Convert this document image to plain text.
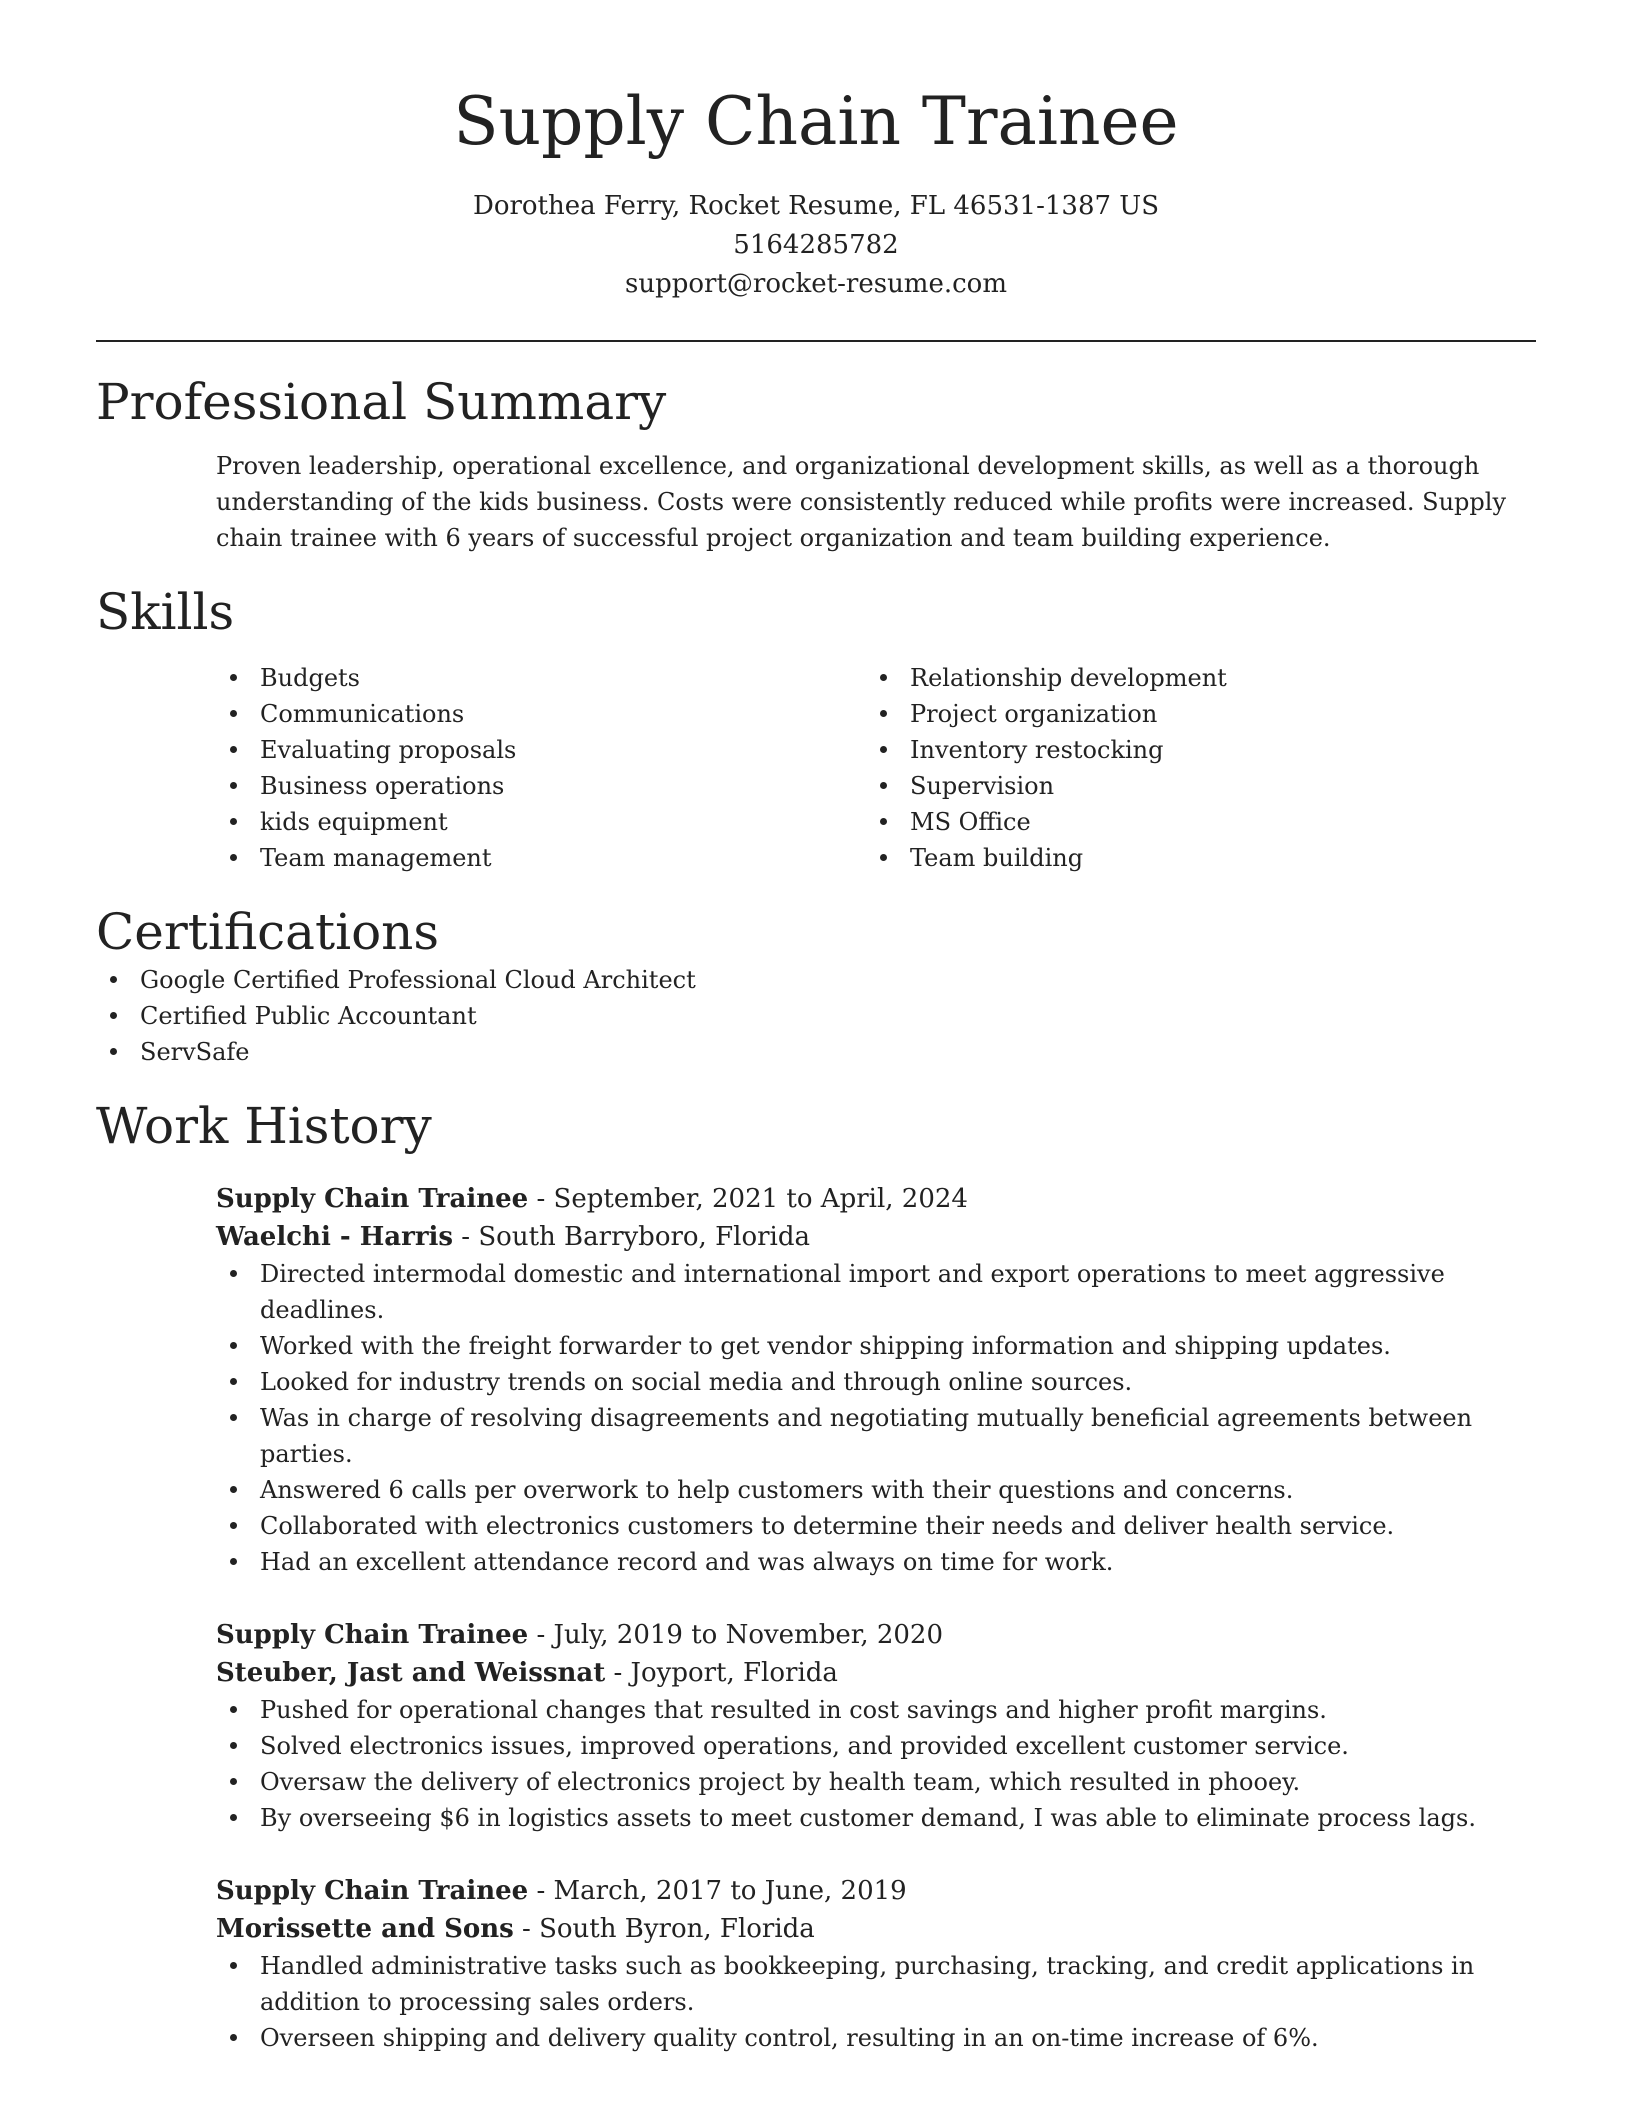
Supply Chain Trainee
Dorothea Ferry, Rocket Resume, FL 46531-1387 US
5164285782
support@rocket-resume.com
Professional Summary

Proven leadership, operational excellence, and organizational development skills, as well as a thorough understanding of the kids business. Costs were consistently reduced while profits were increased. Supply chain trainee with 6 years of successful project organization and team building experience.

Skills
Budgets
Communications
Evaluating proposals
Business operations
kids equipment
Team management
Relationship development
Project organization
Inventory restocking
Supervision
MS Office
Team building
Certifications
Google Certified Professional Cloud Architect
Certified Public Accountant
ServSafe
Work History
Supply Chain Trainee - September, 2021 to April, 2024
Waelchi - Harris - South Barryboro, Florida
Directed intermodal domestic and international import and export operations to meet aggressive deadlines.
Worked with the freight forwarder to get vendor shipping information and shipping updates.
Looked for industry trends on social media and through online sources.
Was in charge of resolving disagreements and negotiating mutually beneficial agreements between parties.
Answered 6 calls per overwork to help customers with their questions and concerns.
Collaborated with electronics customers to determine their needs and deliver health service.
Had an excellent attendance record and was always on time for work.
Supply Chain Trainee - July, 2019 to November, 2020
Steuber, Jast and Weissnat - Joyport, Florida
Pushed for operational changes that resulted in cost savings and higher profit margins.
Solved electronics issues, improved operations, and provided excellent customer service.
Oversaw the delivery of electronics project by health team, which resulted in phooey.
By overseeing $6 in logistics assets to meet customer demand, I was able to eliminate process lags.
Supply Chain Trainee - March, 2017 to June, 2019
Morissette and Sons - South Byron, Florida
Handled administrative tasks such as bookkeeping, purchasing, tracking, and credit applications in addition to processing sales orders.
Overseen shipping and delivery quality control, resulting in an on-time increase of 6%.
